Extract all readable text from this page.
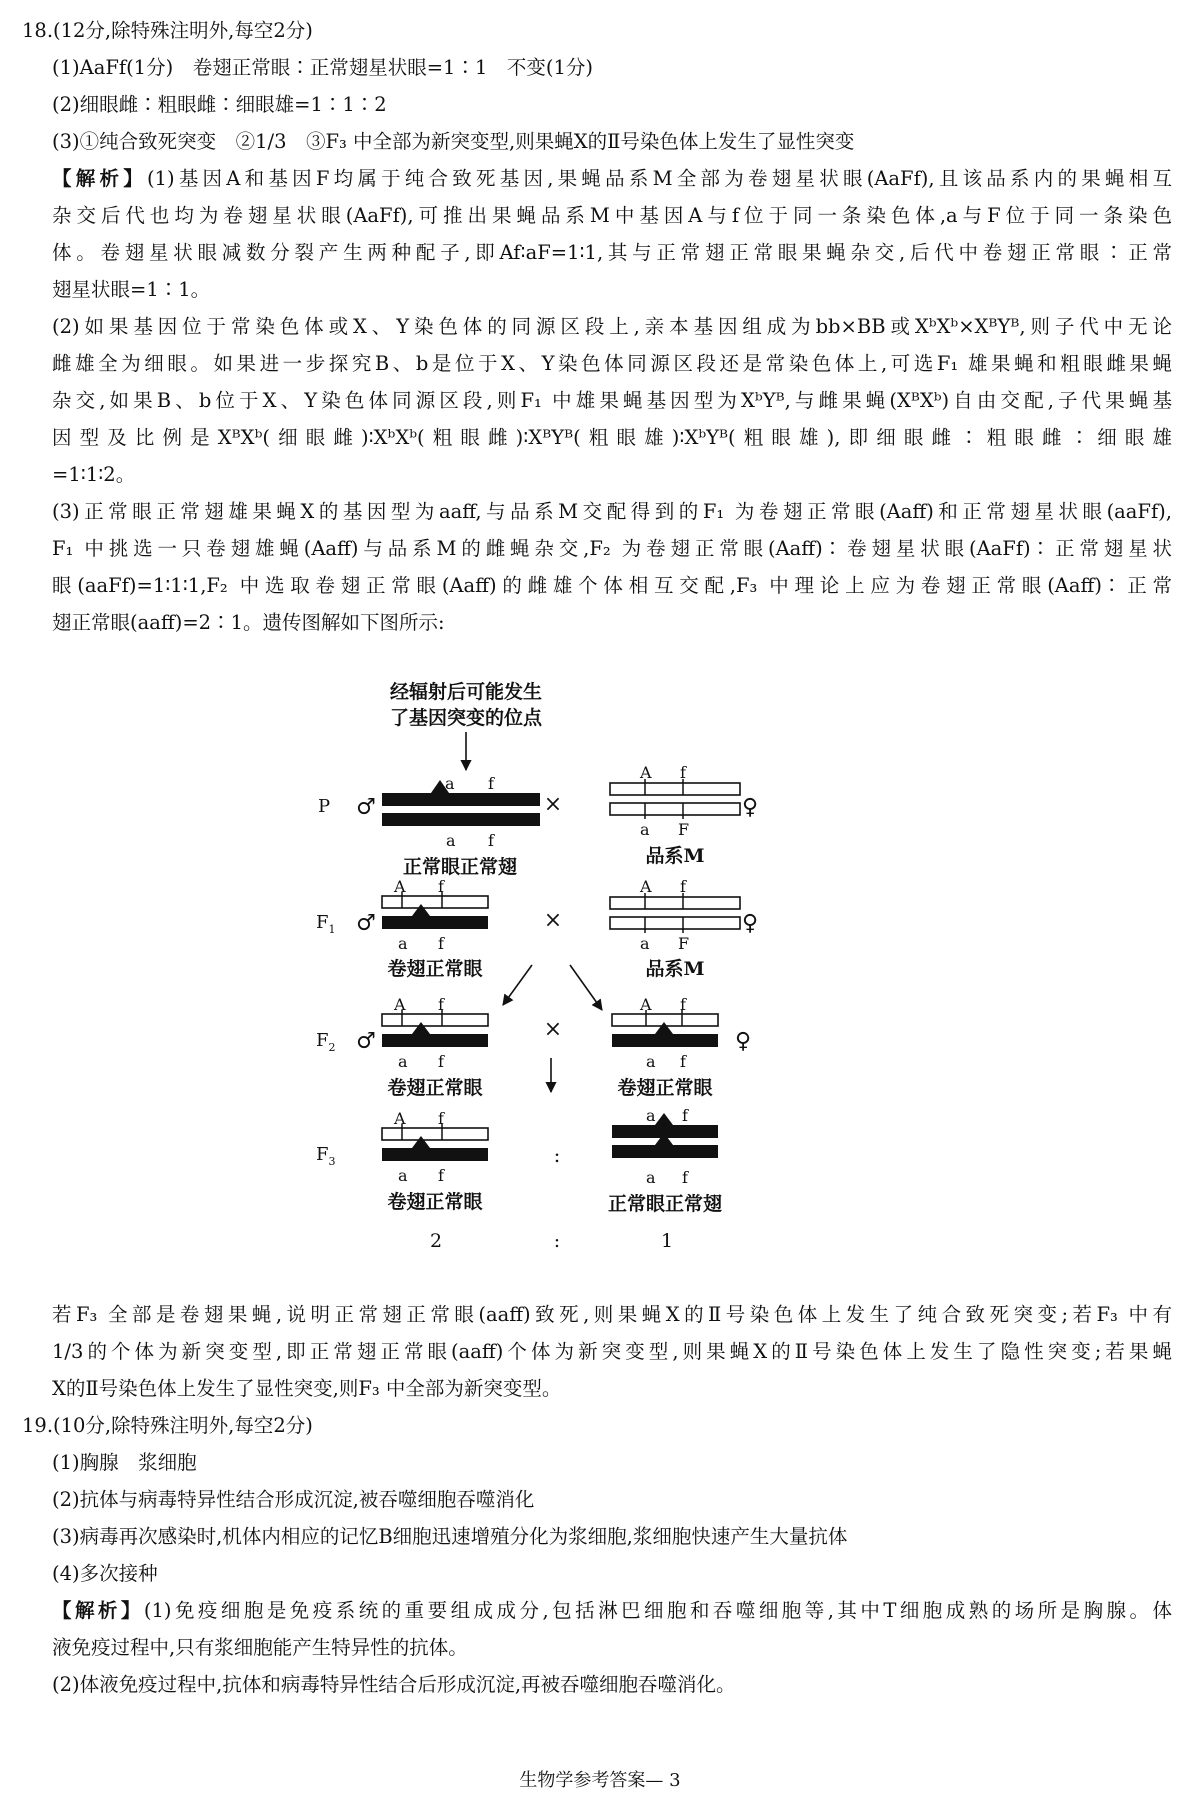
18.(12分,除特殊注明外,每空2分)
(1)AaFf(1分)　卷翅正常眼∶正常翅星状眼=1∶1　不变(1分)
(2)细眼雌∶粗眼雌∶细眼雄=1∶1∶2
(3)①纯合致死突变　②1/3　③F₃ 中全部为新突变型,则果蝇X的Ⅱ号染色体上发生了显性突变
【解析】(1)基因A和基因F均属于纯合致死基因,果蝇品系M全部为卷翅星状眼(AaFf),且该品系内的果蝇相互
杂交后代也均为卷翅星状眼(AaFf),可推出果蝇品系M中基因A与f位于同一条染色体,a与F位于同一条染色
体。卷翅星状眼减数分裂产生两种配子,即Af∶aF=1∶1,其与正常翅正常眼果蝇杂交,后代中卷翅正常眼∶正常
翅星状眼=1∶1。
(2)如果基因位于常染色体或X、Y染色体的同源区段上,亲本基因组成为bb×BB或XᵇXᵇ×XᴮYᴮ,则子代中无论
雌雄全为细眼。如果进一步探究B、b是位于X、Y染色体同源区段还是常染色体上,可选F₁ 雄果蝇和粗眼雌果蝇
杂交,如果B、b位于X、Y染色体同源区段,则F₁ 中雄果蝇基因型为XᵇYᴮ,与雌果蝇(XᴮXᵇ)自由交配,子代果蝇基
因型及比例是XᴮXᵇ(细眼雌)∶XᵇXᵇ(粗眼雌)∶XᴮYᴮ(粗眼雄)∶XᵇYᴮ(粗眼雄),即细眼雌∶粗眼雌∶细眼雄
=1∶1∶2。
(3)正常眼正常翅雄果蝇X的基因型为aaff,与品系M交配得到的F₁ 为卷翅正常眼(Aaff)和正常翅星状眼(aaFf),
F₁ 中挑选一只卷翅雄蝇(Aaff)与品系M的雌蝇杂交,F₂ 为卷翅正常眼(Aaff)∶卷翅星状眼(AaFf)∶正常翅星状
眼(aaFf)=1∶1∶1,F₂ 中选取卷翅正常眼(Aaff)的雌雄个体相互交配,F₃ 中理论上应为卷翅正常眼(Aaff)∶正常
翅正常眼(aaff)=2∶1。遗传图解如下图所示:
经辐射后可能发生
了基因突变的位点
P ♂
a f
a f
正常眼正常翅
×
A f
a F
品系M
♀
$F_1$ ♂
A f
a f
卷翅正常眼
×
A f
a F
品系M
♀
$F_2$ ♂
A f
a f
卷翅正常眼
×
A f
a f
卷翅正常眼
♀
$F_3$
A f
a f
卷翅正常眼
:
a f
a f
正常眼正常翅
2	:	1
若F₃ 全部是卷翅果蝇,说明正常翅正常眼(aaff)致死,则果蝇X的Ⅱ号染色体上发生了纯合致死突变;若F₃ 中有
1/3的个体为新突变型,即正常翅正常眼(aaff)个体为新突变型,则果蝇X的Ⅱ号染色体上发生了隐性突变;若果蝇
X的Ⅱ号染色体上发生了显性突变,则F₃ 中全部为新突变型。
19.(10分,除特殊注明外,每空2分)
(1)胸腺　浆细胞
(2)抗体与病毒特异性结合形成沉淀,被吞噬细胞吞噬消化
(3)病毒再次感染时,机体内相应的记忆B细胞迅速增殖分化为浆细胞,浆细胞快速产生大量抗体
(4)多次接种
【解析】(1)免疫细胞是免疫系统的重要组成成分,包括淋巴细胞和吞噬细胞等,其中T细胞成熟的场所是胸腺。体
液免疫过程中,只有浆细胞能产生特异性的抗体。
(2)体液免疫过程中,抗体和病毒特异性结合后形成沉淀,再被吞噬细胞吞噬消化。
生物学参考答案— 3
